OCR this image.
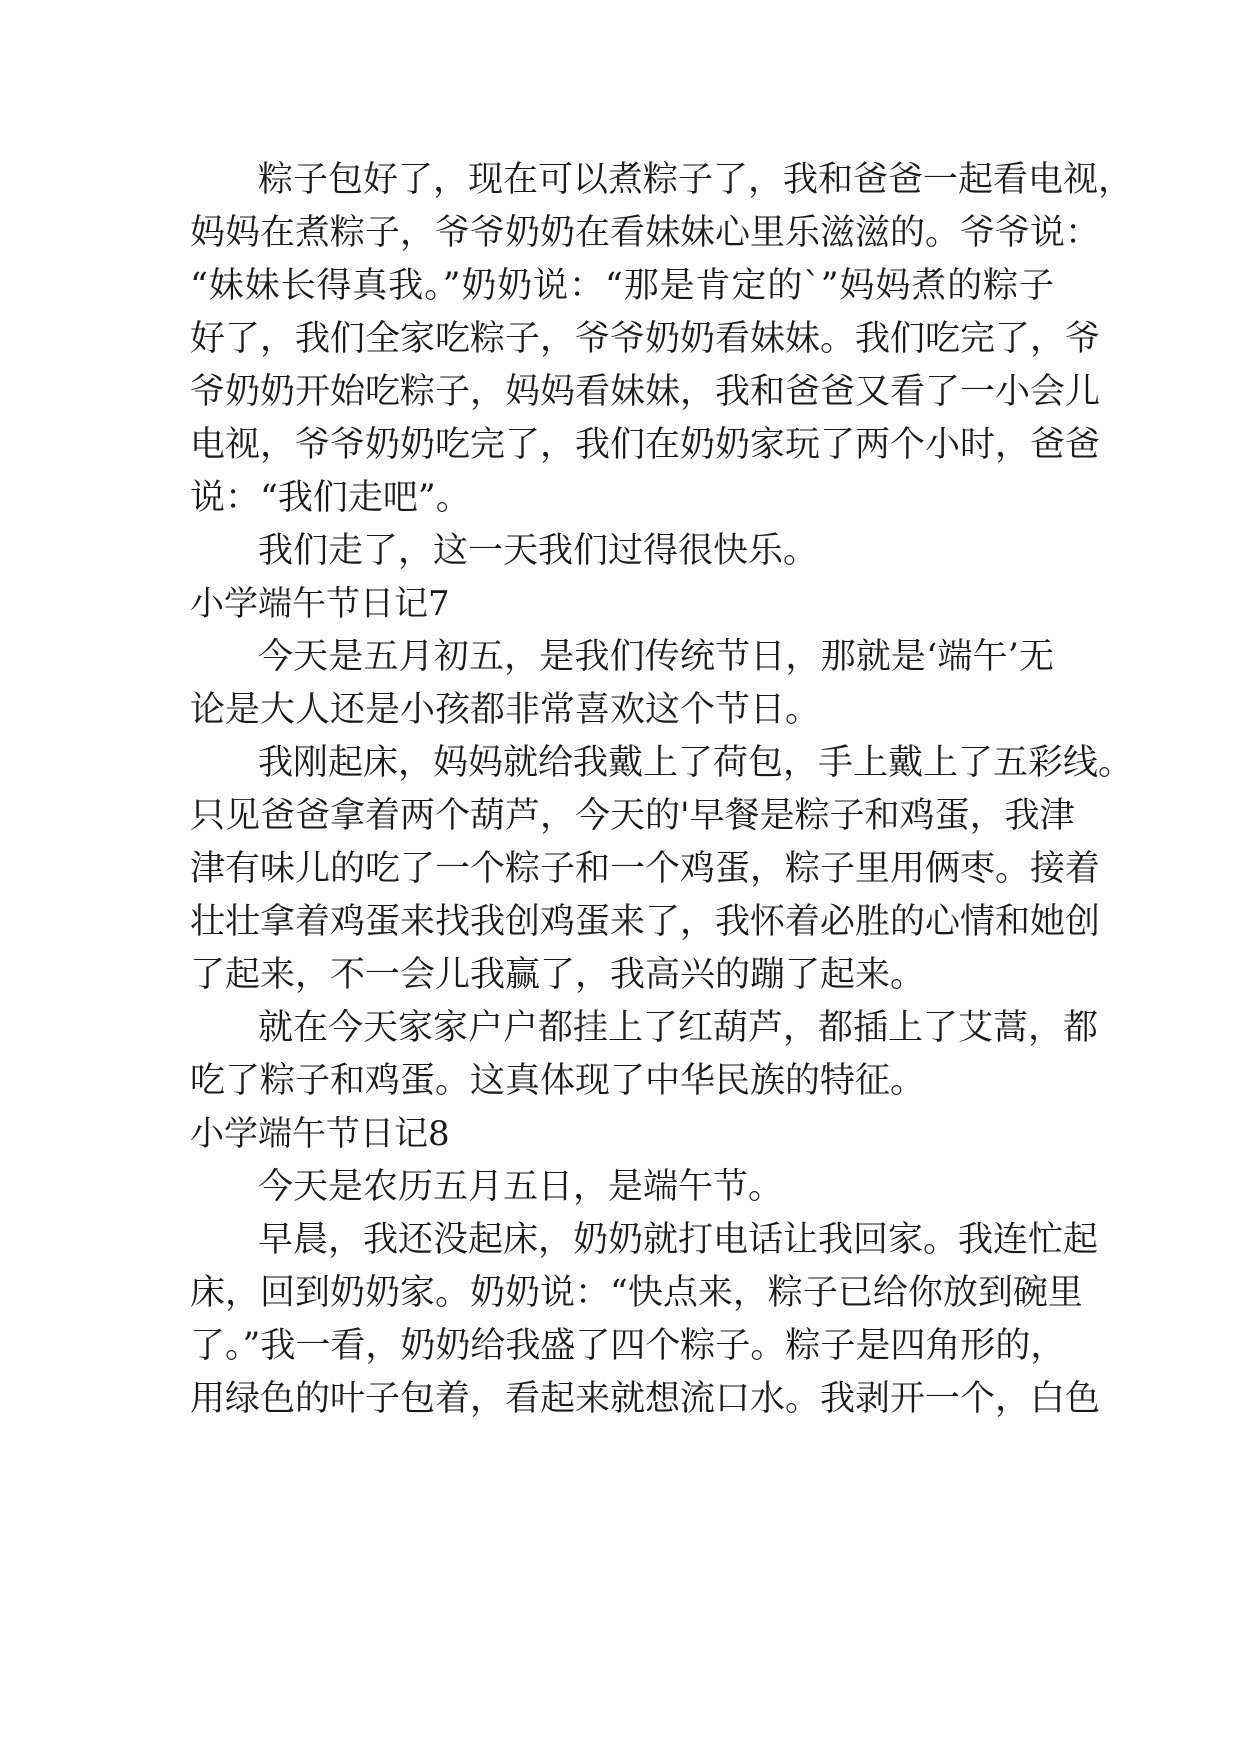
粽子包好了，现在可以煮粽子了，我和爸爸一起看电视，
妈妈在煮粽子，爷爷奶奶在看妹妹心里乐滋滋的。爷爷说：
“妹妹长得真我。”奶奶说：“那是肯定的`”妈妈煮的粽子
好了，我们全家吃粽子，爷爷奶奶看妹妹。我们吃完了，爷
爷奶奶开始吃粽子，妈妈看妹妹，我和爸爸又看了一小会儿
电视，爷爷奶奶吃完了，我们在奶奶家玩了两个小时，爸爸
说：“我们走吧”。
我们走了，这一天我们过得很快乐。
小学端午节日记7
今天是五月初五，是我们传统节日，那就是‘端午’无
论是大人还是小孩都非常喜欢这个节日。
我刚起床，妈妈就给我戴上了荷包，手上戴上了五彩线。
只见爸爸拿着两个葫芦，今天的'早餐是粽子和鸡蛋，我津
津有味儿的吃了一个粽子和一个鸡蛋，粽子里用俩枣。接着
壮壮拿着鸡蛋来找我创鸡蛋来了，我怀着必胜的心情和她创
了起来，不一会儿我赢了，我高兴的蹦了起来。
就在今天家家户户都挂上了红葫芦，都插上了艾蒿，都
吃了粽子和鸡蛋。这真体现了中华民族的特征。
小学端午节日记8
今天是农历五月五日，是端午节。
早晨，我还没起床，奶奶就打电话让我回家。我连忙起
床，回到奶奶家。奶奶说：“快点来，粽子已给你放到碗里
了。”我一看，奶奶给我盛了四个粽子。粽子是四角形的，
用绿色的叶子包着，看起来就想流口水。我剥开一个，白色
